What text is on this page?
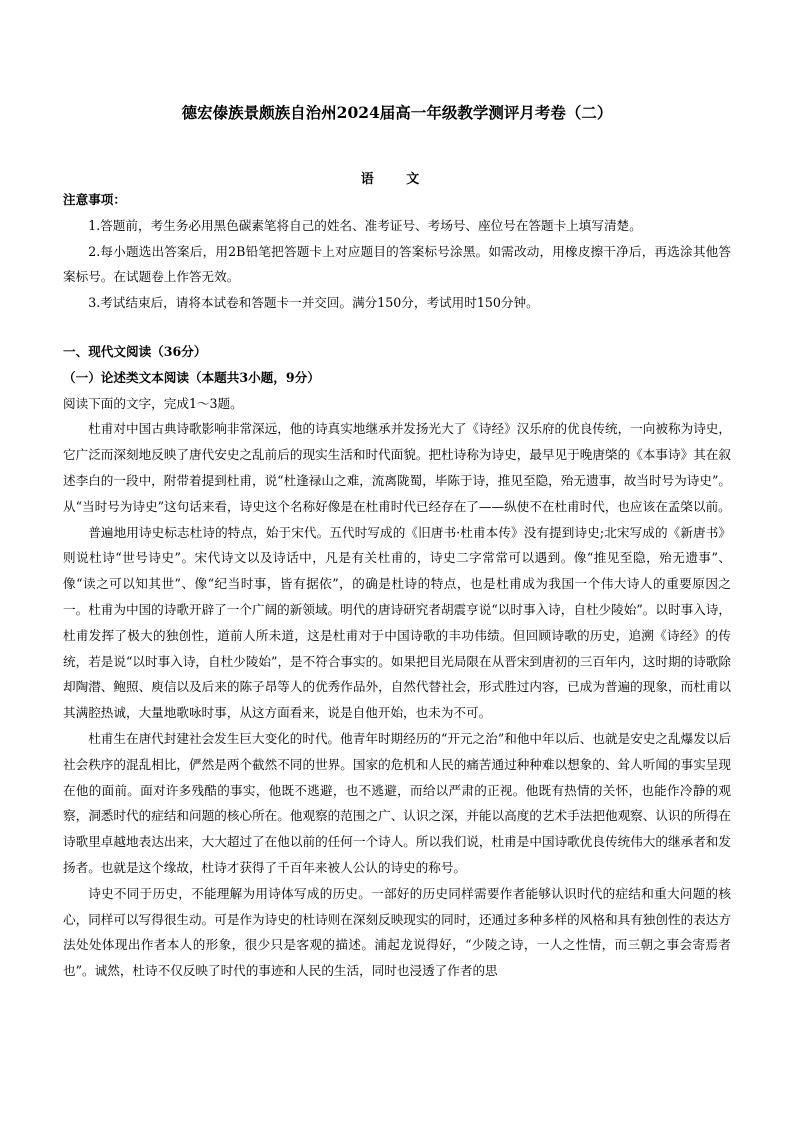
德宏傣族景颇族自治州2024届高一年级教学测评月考卷（二）
语 文

注意事项：

1.答题前，考生务必用黑色碳素笔将自己的姓名、准考证号、考场号、座位号在答题卡上填写清楚。

2.每小题选出答案后，用2B铅笔把答题卡上对应题目的答案标号涂黑。如需改动，用橡皮擦干净后，再选涂其他答案标号。在试题卷上作答无效。

3.考试结束后，请将本试卷和答题卡一并交回。满分150分，考试用时150分钟。

一、现代文阅读（36分）

（一）论述类文本阅读（本题共3小题，9分）

阅读下面的文字，完成1～3题。

杜甫对中国古典诗歌影响非常深远，他的诗真实地继承并发扬光大了《诗经》汉乐府的优良传统，一向被称为诗史，它广泛而深刻地反映了唐代安史之乱前后的现实生活和时代面貌。把杜诗称为诗史，最早见于晚唐棨的《本事诗》其在叙述李白的一段中，附带着提到杜甫，说“杜逢禄山之难，流离陇蜀，毕陈于诗，推见至隐，殆无遗事，故当时号为诗史”。从“当时号为诗史”这句话来看，诗史这个名称好像是在杜甫时代已经存在了——纵使不在杜甫时代，也应该在孟棨以前。

普遍地用诗史标志杜诗的特点，始于宋代。五代时写成的《旧唐书·杜甫本传》没有提到诗史;北宋写成的《新唐书》则说杜诗“世号诗史”。宋代诗文以及诗话中，凡是有关杜甫的，诗史二字常常可以遇到。像“推见至隐，殆无遗事”、像“读之可以知其世”、像“纪当时事，皆有据依”，的确是杜诗的特点，也是杜甫成为我国一个伟大诗人的重要原因之一。杜甫为中国的诗歌开辟了一个广阔的新领域。明代的唐诗研究者胡震亨说“以时事入诗，自杜少陵始”。以时事入诗，杜甫发挥了极大的独创性，道前人所未道，这是杜甫对于中国诗歌的丰功伟绩。但回顾诗歌的历史，追溯《诗经》的传统，若是说“以时事入诗，自杜少陵始”，是不符合事实的。如果把目光局限在从晋宋到唐初的三百年内，这时期的诗歌除却陶潜、鲍照、庾信以及后来的陈子昂等人的优秀作品外，自然代替社会，形式胜过内容，已成为普遍的现象，而杜甫以其满腔热诚，大量地歌咏时事，从这方面看来，说是自他开始，也未为不可。

杜甫生在唐代封建社会发生巨大变化的时代。他青年时期经历的“开元之治”和他中年以后、也就是安史之乱爆发以后社会秩序的混乱相比，俨然是两个截然不同的世界。国家的危机和人民的痛苦通过种种难以想象的、耸人听闻的事实呈现在他的面前。面对许多残酷的事实，他既不逃避，也不逃避，而给以严肃的正视。他既有热情的关怀，也能作冷静的观察，洞悉时代的症结和问题的核心所在。他观察的范围之广、认识之深，并能以高度的艺术手法把他观察、认识的所得在诗歌里卓越地表达出来，大大超过了在他以前的任何一个诗人。所以我们说，杜甫是中国诗歌优良传统伟大的继承者和发扬者。也就是这个缘故，杜诗才获得了千百年来被人公认的诗史的称号。

诗史不同于历史，不能理解为用诗体写成的历史。一部好的历史同样需要作者能够认识时代的症结和重大问题的核心，同样可以写得很生动。可是作为诗史的杜诗则在深刻反映现实的同时，还通过多种多样的风格和具有独创性的表达方法处处体现出作者本人的形象，很少只是客观的描述。浦起龙说得好，“少陵之诗，一人之性情，而三朝之事会寄焉者也”。诚然，杜诗不仅反映了时代的事迹和人民的生活，同时也浸透了作者的思
